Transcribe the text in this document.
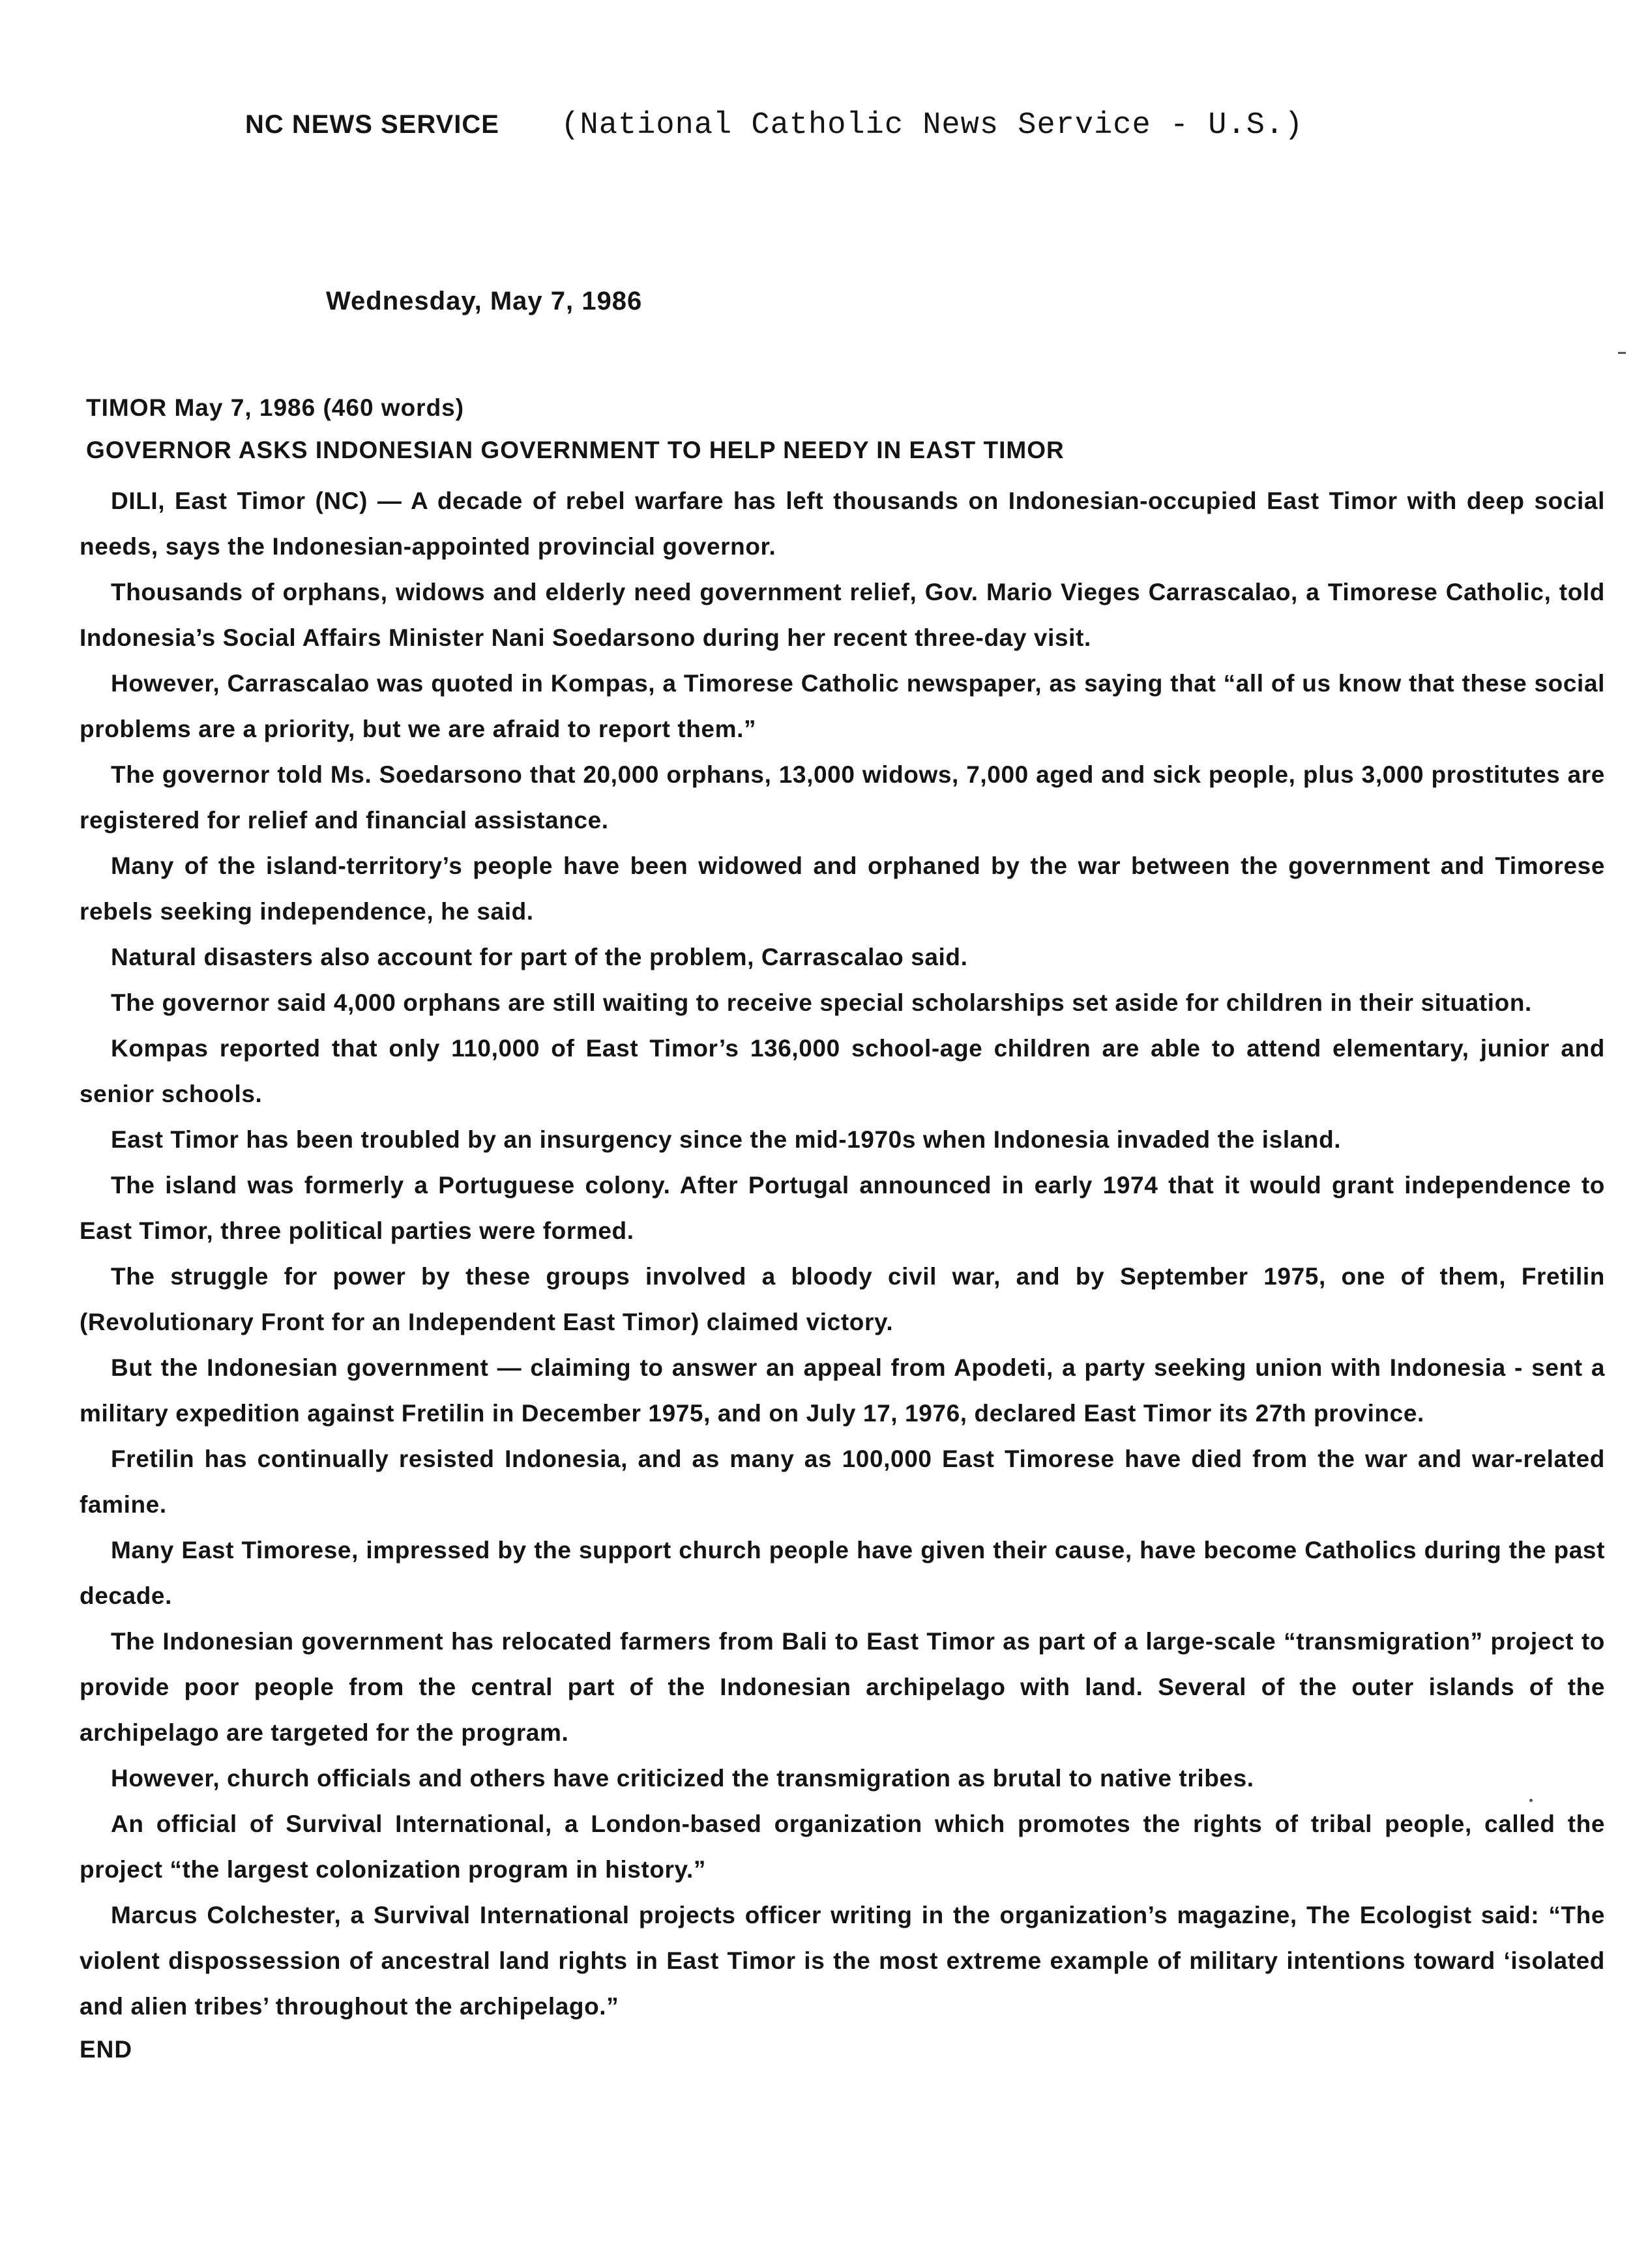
NC NEWS SERVICE (National Catholic News Service - U.S.)
Wednesday, May 7, 1986
TIMOR May 7, 1986 (460 words)
GOVERNOR ASKS INDONESIAN GOVERNMENT TO HELP NEEDY IN EAST TIMOR

DILI, East Timor (NC) — A decade of rebel warfare has left thousands on Indonesian-occupied East Timor with deep social needs, says the Indonesian-appointed provincial governor.

Thousands of orphans, widows and elderly need government relief, Gov. Mario Vieges Carrascalao, a Timorese Catholic, told Indonesia’s Social Affairs Minister Nani Soedarsono during her recent three-day visit.

However, Carrascalao was quoted in Kompas, a Timorese Catholic newspaper, as saying that “all of us know that these social problems are a priority, but we are afraid to report them.”

The governor told Ms. Soedarsono that 20,000 orphans, 13,000 widows, 7,000 aged and sick people, plus 3,000 prostitutes are registered for relief and financial assistance.

Many of the island-territory’s people have been widowed and orphaned by the war between the government and Timorese rebels seeking independence, he said.

Natural disasters also account for part of the problem, Carrascalao said.

The governor said 4,000 orphans are still waiting to receive special scholarships set aside for children in their situation.

Kompas reported that only 110,000 of East Timor’s 136,000 school-age children are able to attend elementary, junior and senior schools.

East Timor has been troubled by an insurgency since the mid-1970s when Indonesia invaded the island.

The island was formerly a Portuguese colony. After Portugal announced in early 1974 that it would grant independence to East Timor, three political parties were formed.

The struggle for power by these groups involved a bloody civil war, and by September 1975, one of them, Fretilin (Revolutionary Front for an Independent East Timor) claimed victory.

But the Indonesian government — claiming to answer an appeal from Apodeti, a party seeking union with Indonesia - sent a military expedition against Fretilin in December 1975, and on July 17, 1976, declared East Timor its 27th province.

Fretilin has continually resisted Indonesia, and as many as 100,000 East Timorese have died from the war and war-related famine.

Many East Timorese, impressed by the support church people have given their cause, have become Catholics during the past decade.

The Indonesian government has relocated farmers from Bali to East Timor as part of a large-scale “transmigration” project to provide poor people from the central part of the Indonesian archipelago with land. Several of the outer islands of the archipelago are targeted for the program.

However, church officials and others have criticized the transmigration as brutal to native tribes.

An official of Survival International, a London-based organization which promotes the rights of tribal people, called the project “the largest colonization program in history.”

Marcus Colchester, a Survival International projects officer writing in the organization’s magazine, The Ecologist said: “The violent dispossession of ancestral land rights in East Timor is the most extreme example of military intentions toward ‘isolated and alien tribes’ throughout the archipelago.”

END
